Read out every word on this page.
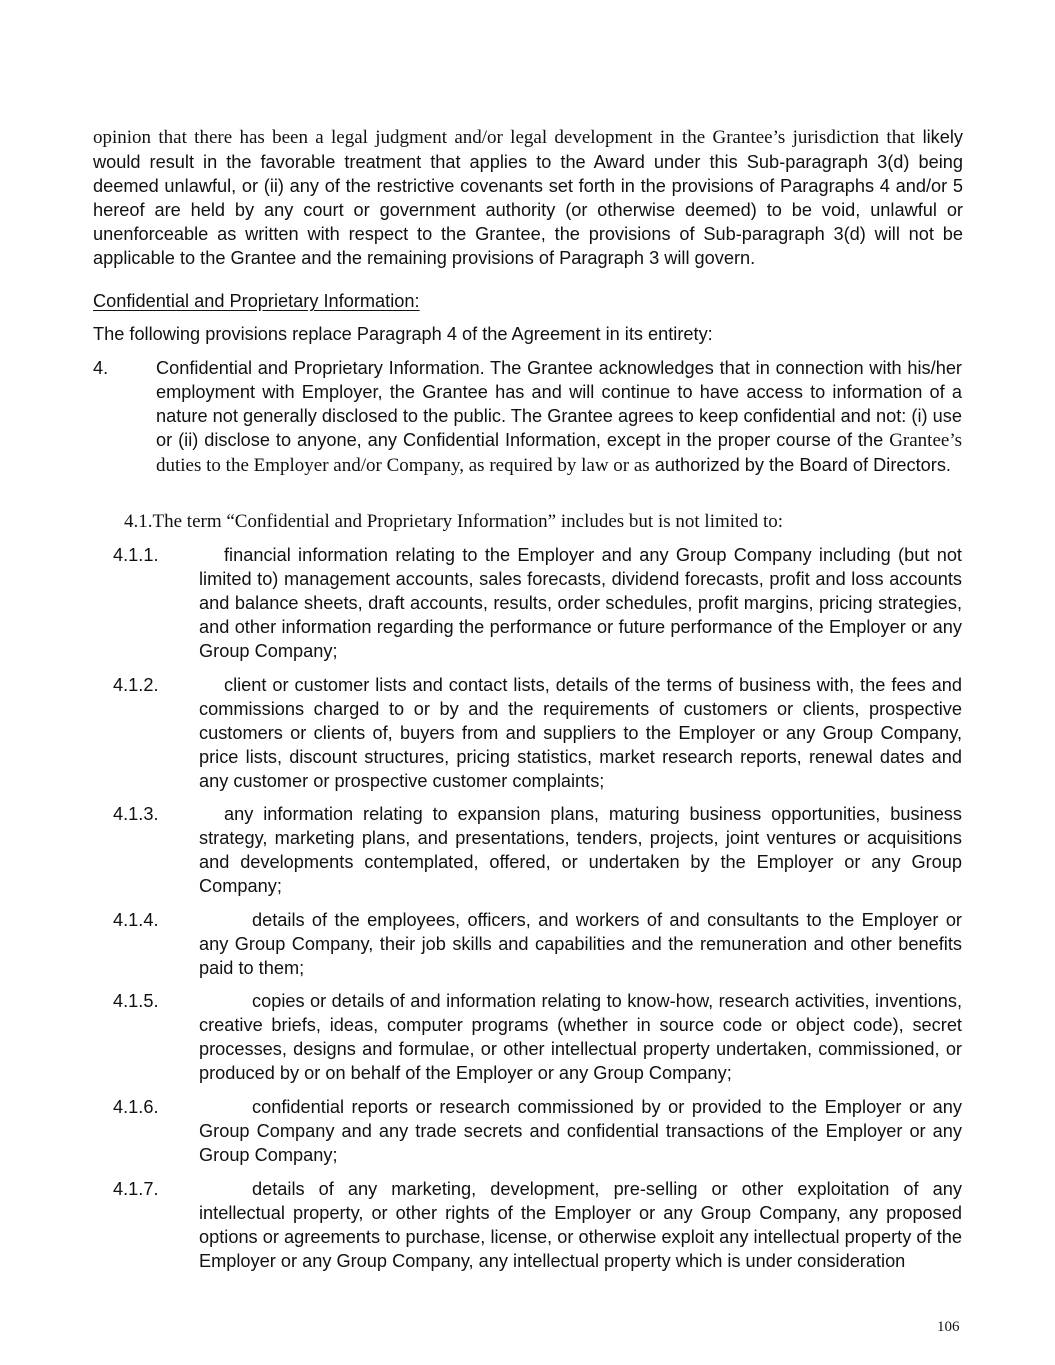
opinion that there has been a legal judgment and/or legal development in the Grantee’s jurisdiction that likely would result in the favorable treatment that applies to the Award under this Sub-paragraph 3(d) being deemed unlawful, or (ii) any of the restrictive covenants set forth in the provisions of Paragraphs 4 and/or 5 hereof are held by any court or government authority (or otherwise deemed) to be void, unlawful or unenforceable as written with respect to the Grantee, the provisions of Sub-paragraph 3(d) will not be applicable to the Grantee and the remaining provisions of Paragraph 3 will govern.
Confidential and Proprietary Information:
The following provisions replace Paragraph 4 of the Agreement in its entirety:
4.	Confidential and Proprietary Information. The Grantee acknowledges that in connection with his/her employment with Employer, the Grantee has and will continue to have access to information of a nature not generally disclosed to the public. The Grantee agrees to keep confidential and not: (i) use or (ii) disclose to anyone, any Confidential Information, except in the proper course of the Grantee’s duties to the Employer and/or Company, as required by law or as authorized by the Board of Directors.
4.1.The term “Confidential and Proprietary Information” includes but is not limited to:
4.1.1.	financial information relating to the Employer and any Group Company including (but not limited to) management accounts, sales forecasts, dividend forecasts, profit and loss accounts and balance sheets, draft accounts, results, order schedules, profit margins, pricing strategies, and other information regarding the performance or future performance of the Employer or any Group Company;
4.1.2.	client or customer lists and contact lists, details of the terms of business with, the fees and commissions charged to or by and the requirements of customers or clients, prospective customers or clients of, buyers from and suppliers to the Employer or any Group Company, price lists, discount structures, pricing statistics, market research reports, renewal dates and any customer or prospective customer complaints;
4.1.3.	any information relating to expansion plans, maturing business opportunities, business strategy, marketing plans, and presentations, tenders, projects, joint ventures or acquisitions and developments contemplated, offered, or undertaken by the Employer or any Group Company;
4.1.4.	details of the employees, officers, and workers of and consultants to the Employer or any Group Company, their job skills and capabilities and the remuneration and other benefits paid to them;
4.1.5.	copies or details of and information relating to know-how, research activities, inventions, creative briefs, ideas, computer programs (whether in source code or object code), secret processes, designs and formulae, or other intellectual property undertaken, commissioned, or produced by or on behalf of the Employer or any Group Company;
4.1.6.	confidential reports or research commissioned by or provided to the Employer or any Group Company and any trade secrets and confidential transactions of the Employer or any Group Company;
4.1.7.	details of any marketing, development, pre-selling or other exploitation of any intellectual property, or other rights of the Employer or any Group Company, any proposed options or agreements to purchase, license, or otherwise exploit any intellectual property of the Employer or any Group Company, any intellectual property which is under consideration
106
